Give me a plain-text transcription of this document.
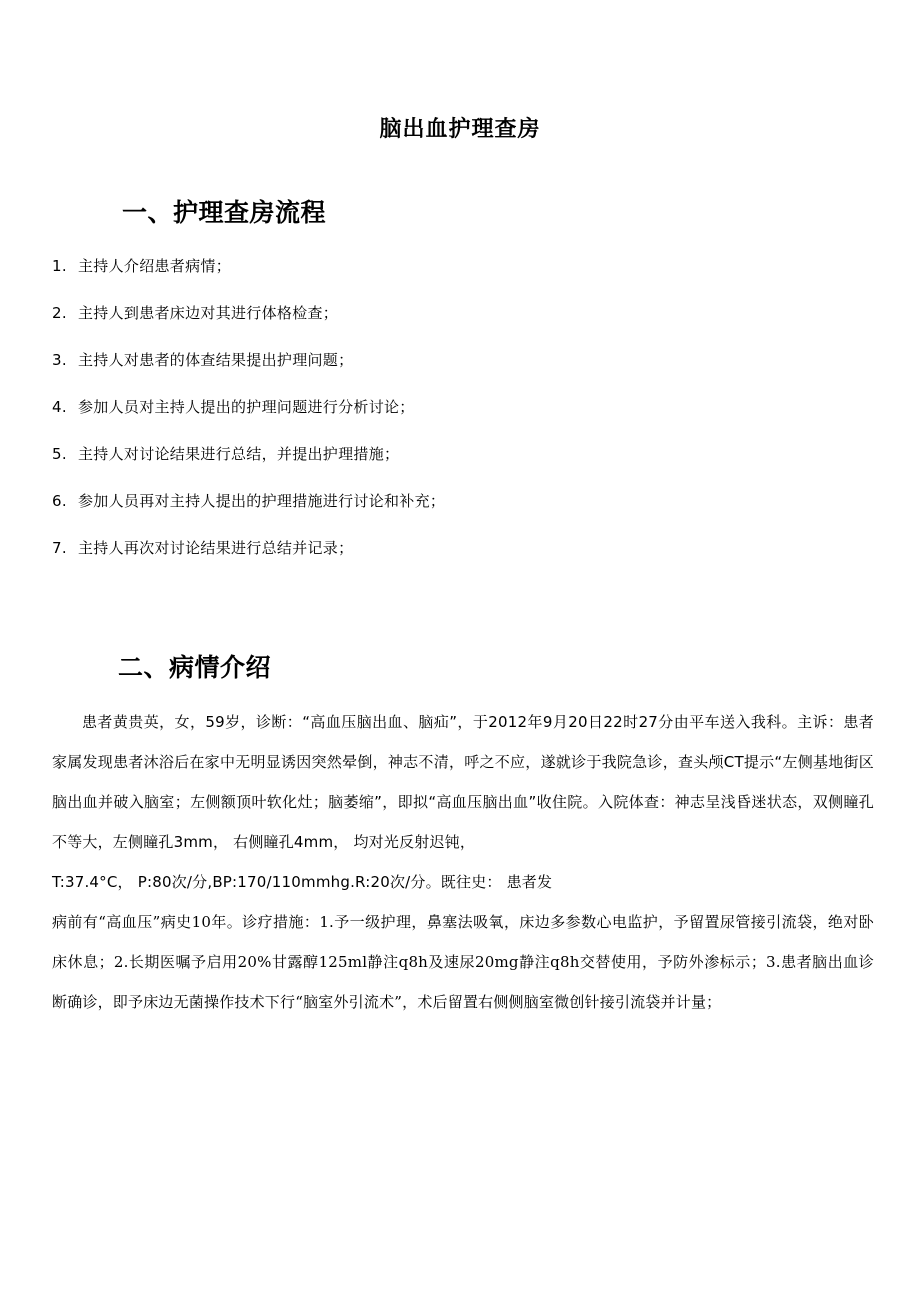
脑出血护理查房
一、护理查房流程
1. 主持人介绍患者病情；
2. 主持人到患者床边对其进行体格检查；
3. 主持人对患者的体查结果提出护理问题；
4. 参加人员对主持人提出的护理问题进行分析讨论；
5. 主持人对讨论结果进行总结，并提出护理措施；
6. 参加人员再对主持人提出的护理措施进行讨论和补充；
7. 主持人再次对讨论结果进行总结并记录；
二、病情介绍

患者黄贵英，女，59岁，诊断：“高血压脑出血、脑疝”，于2012年9月20日22时27分由平车送入我科。主诉：患者家属发现患者沐浴后在家中无明显诱因突然晕倒，神志不清，呼之不应，遂就诊于我院急诊，查头颅CT提示“左侧基地街区脑出血并破入脑室；左侧额顶叶软化灶；脑萎缩”，即拟“高血压脑出血”收住院。入院体查：神志呈浅昏迷状态，双侧瞳孔不等大，左侧瞳孔3mm， 右侧瞳孔4mm， 均对光反射迟钝，

T:37.4°C， P:80次/分,BP:170/110mmhg.R:20次/分。既往史： 患者发

病前有“高血压”病史10年。诊疗措施：1.予一级护理，鼻塞法吸氧，床边多参数心电监护，予留置尿管接引流袋，绝对卧床休息；2.长期医嘱予启用20%甘露醇125ml静注q8h及速尿20mg静注q8h交替使用，予防外渗标示；3.患者脑出血诊断确诊，即予床边无菌操作技术下行“脑室外引流术”，术后留置右侧侧脑室微创针接引流袋并计量；
